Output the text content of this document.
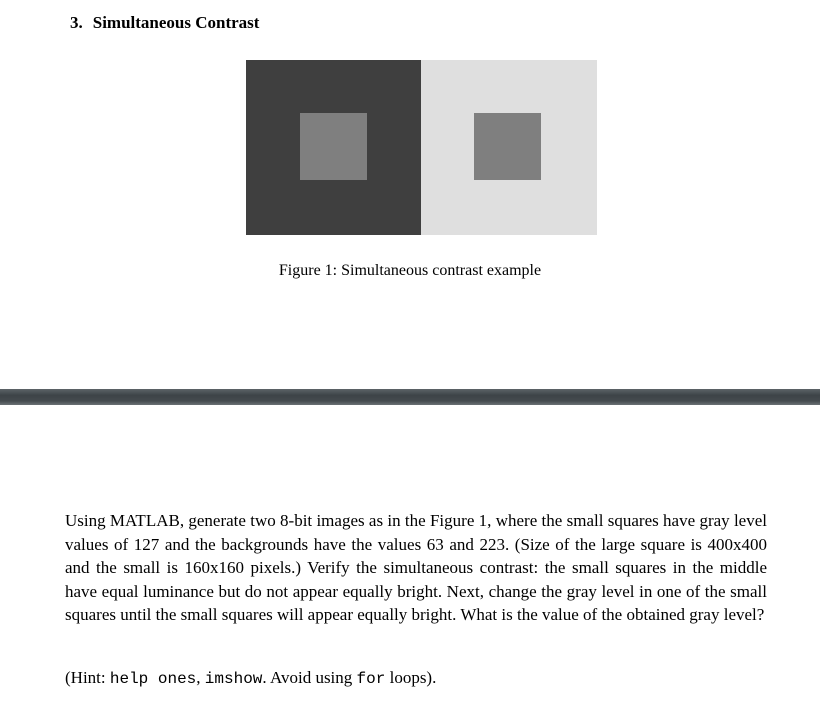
3. Simultaneous Contrast
Figure 1: Simultaneous contrast example

Using MATLAB, generate two 8-bit images as in the Figure 1, where the small squares have gray level values of 127 and the backgrounds have the values 63 and 223. (Size of the large square is 400x400 and the small is 160x160 pixels.) Verify the simultaneous contrast: the small squares in the middle have equal luminance but do not appear equally bright. Next, change the gray level in one of the small squares until the small squares will appear equally bright. What is the value of the obtained gray level?

(Hint: help ones, imshow. Avoid using for loops).
